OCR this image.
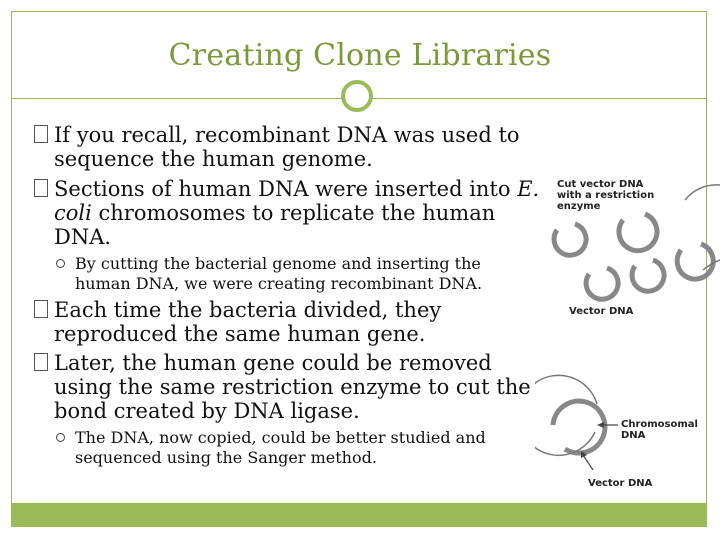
Creating Clone Libraries
If you recall, recombinant DNA was used to
sequence the human genome.
Sections of human DNA were inserted into E.
coli chromosomes to replicate the human
DNA.
By cutting the bacterial genome and inserting the
human DNA, we were creating recombinant DNA.
Each time the bacteria divided, they
reproduced the same human gene.
Later, the human gene could be removed
using the same restriction enzyme to cut the
bond created by DNA ligase.
The DNA, now copied, could be better studied and
sequenced using the Sanger method.
Cut vector DNA
with a restriction
enzyme
Vector DNA
Chromosomal DNA
Vector DNA
